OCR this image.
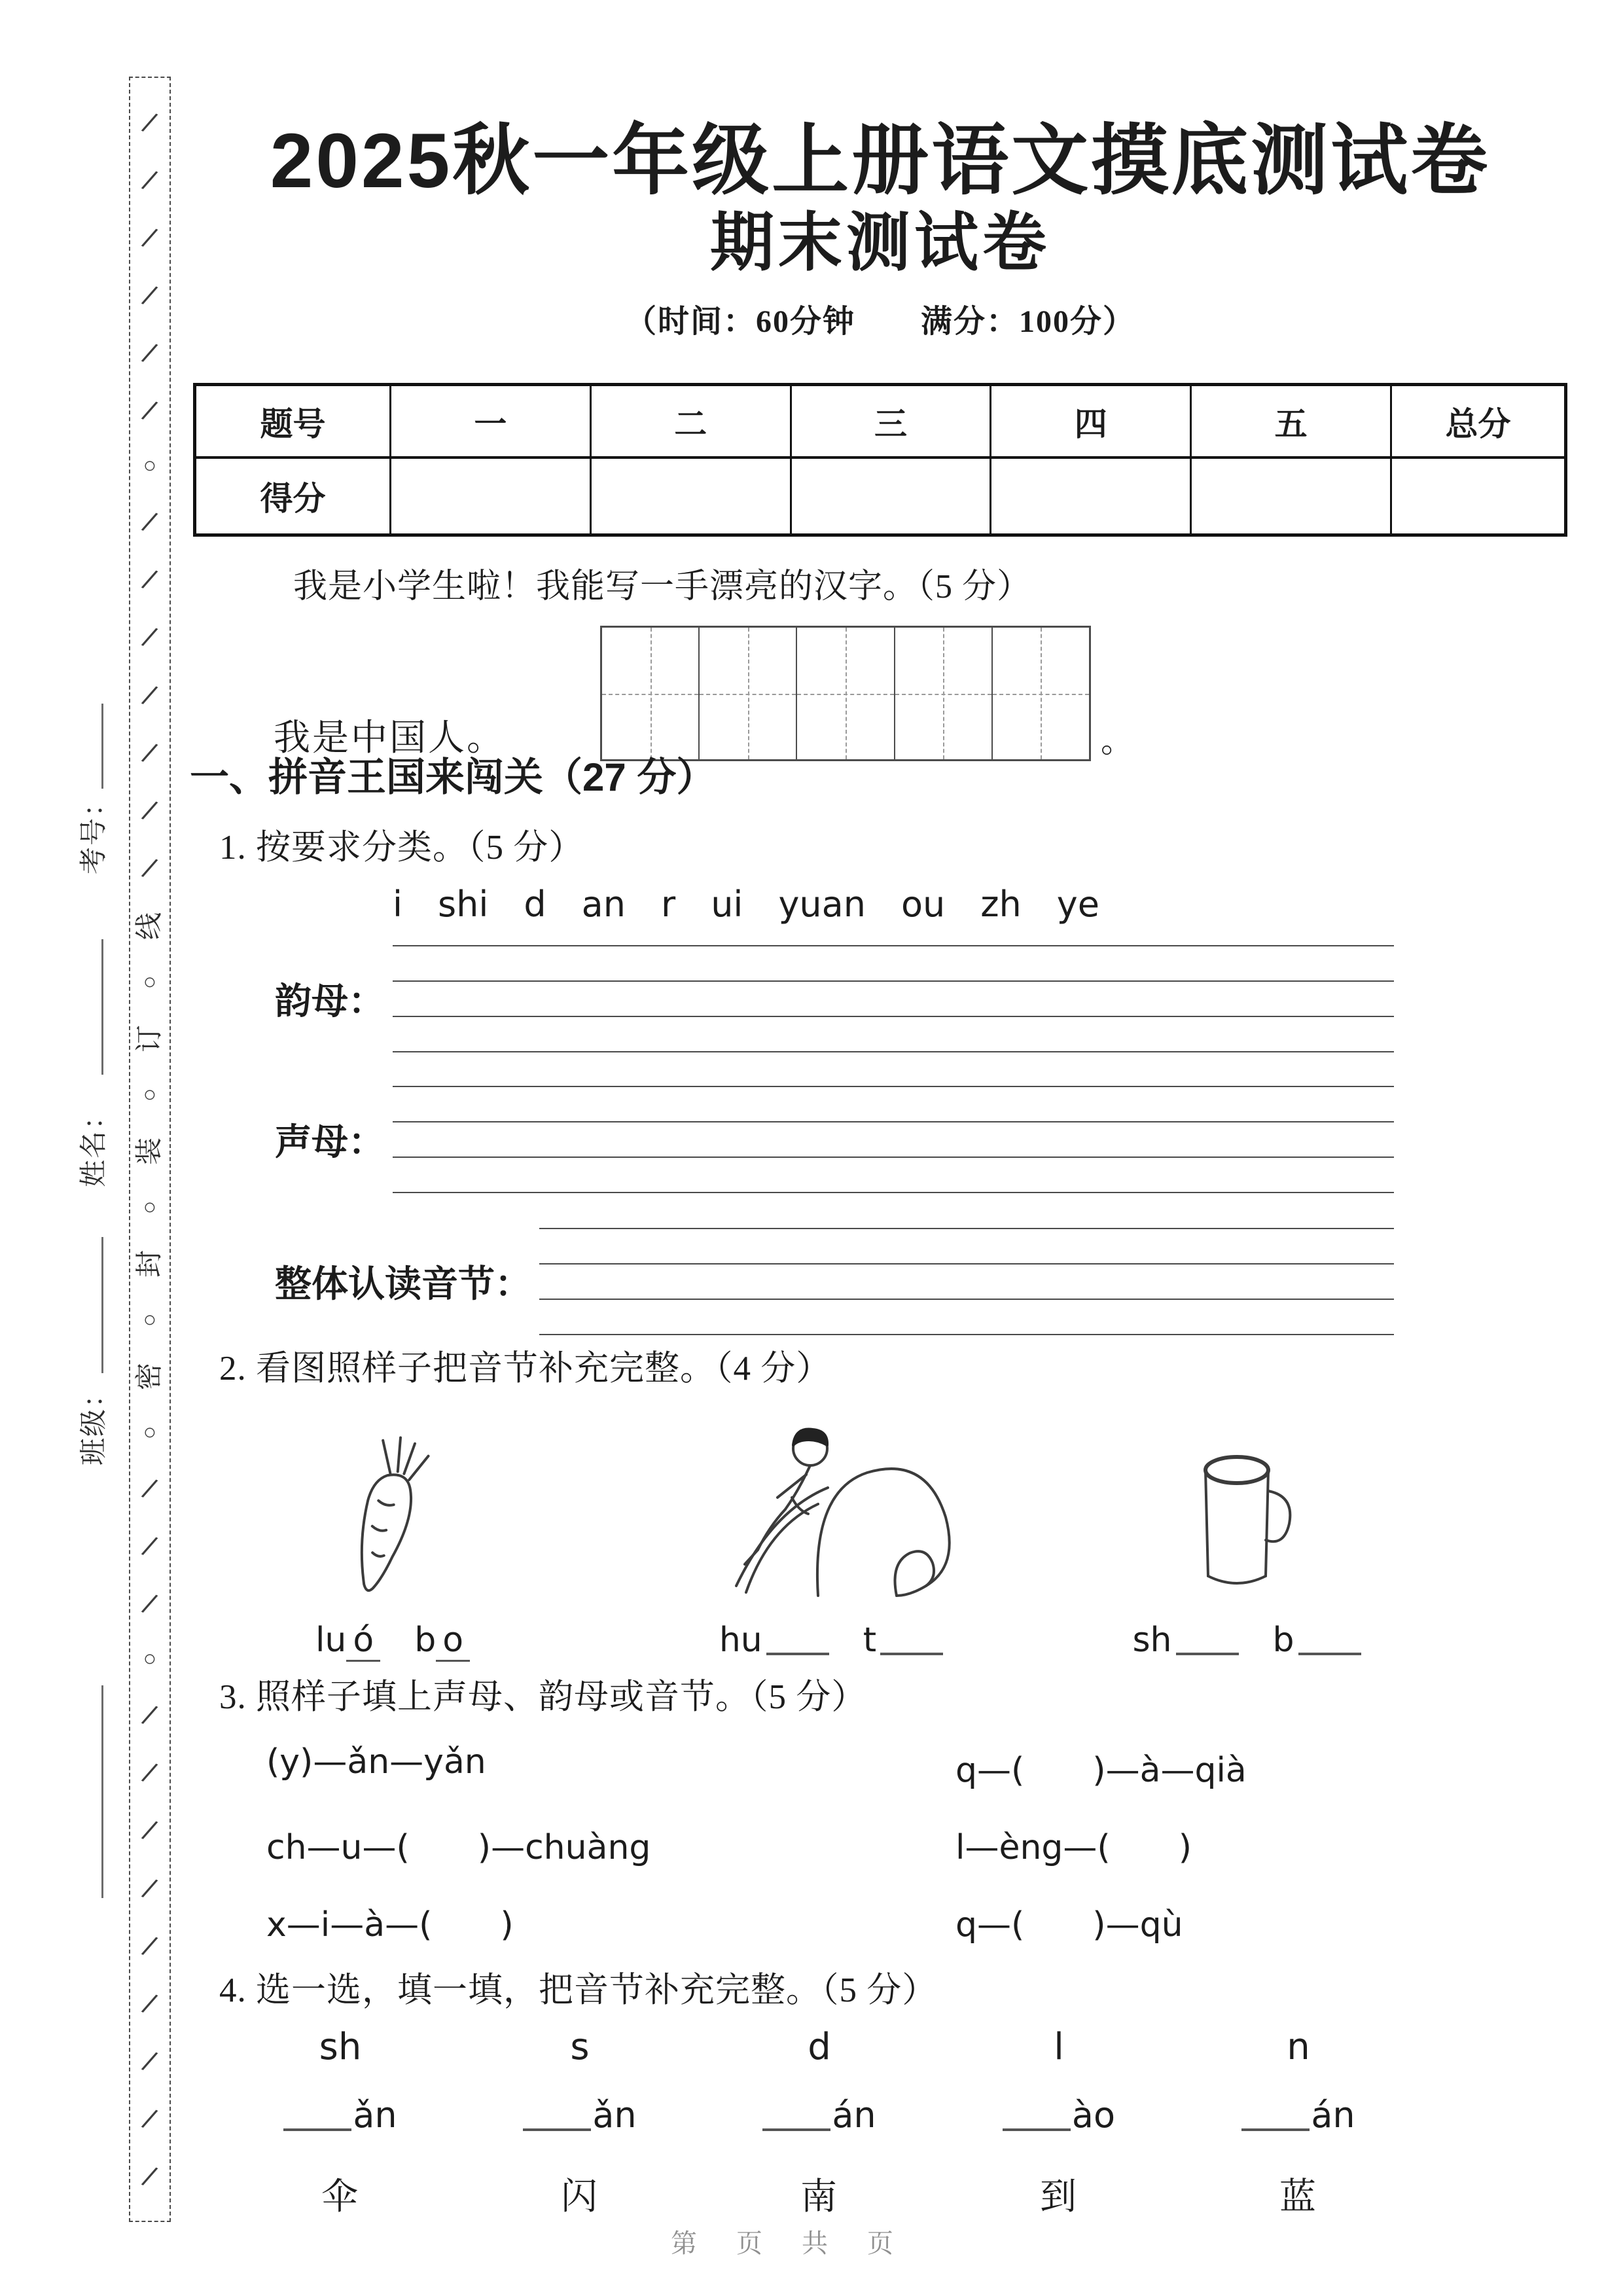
/
/
/
/
/
/
○
/
/
/
/
/
/
/
线
○
订
○
装
○
封
○
密
○
/
/
/
○
/
/
/
/
/
/
/
/
/
考号：
姓名：
班级：
2025秋一年级上册语文摸底测试卷
期末测试卷
（时间：60分钟　　满分：100分）
题号	一	二	三	四	五	总分
得分
我是小学生啦！我能写一手漂亮的汉字。（5 分）
我是中国人。	。
一、拼音王国来闯关（27 分）
1. 按要求分类。（5 分）
i shi d an r ui yuan ou zh ye
韵母：
声母：
整体认读音节：
2. 看图照样子把音节补充完整。（4 分）
lu ó b o	hu	t	sh	b
3. 照样子填上声母、韵母或音节。（5 分）
(y)—ǎn—yǎn	q—(　　)—à—qià
ch—u—(　　)—chuàng	l—èng—(　　)
x—i—à—(　　)	q—(　　)—qù
4. 选一选，填一填，把音节补充完整。（5 分）
sh	s	d	l	n
ǎn	ǎn	án	ào	án
伞	闪	南	到	蓝
第　页　共　页
